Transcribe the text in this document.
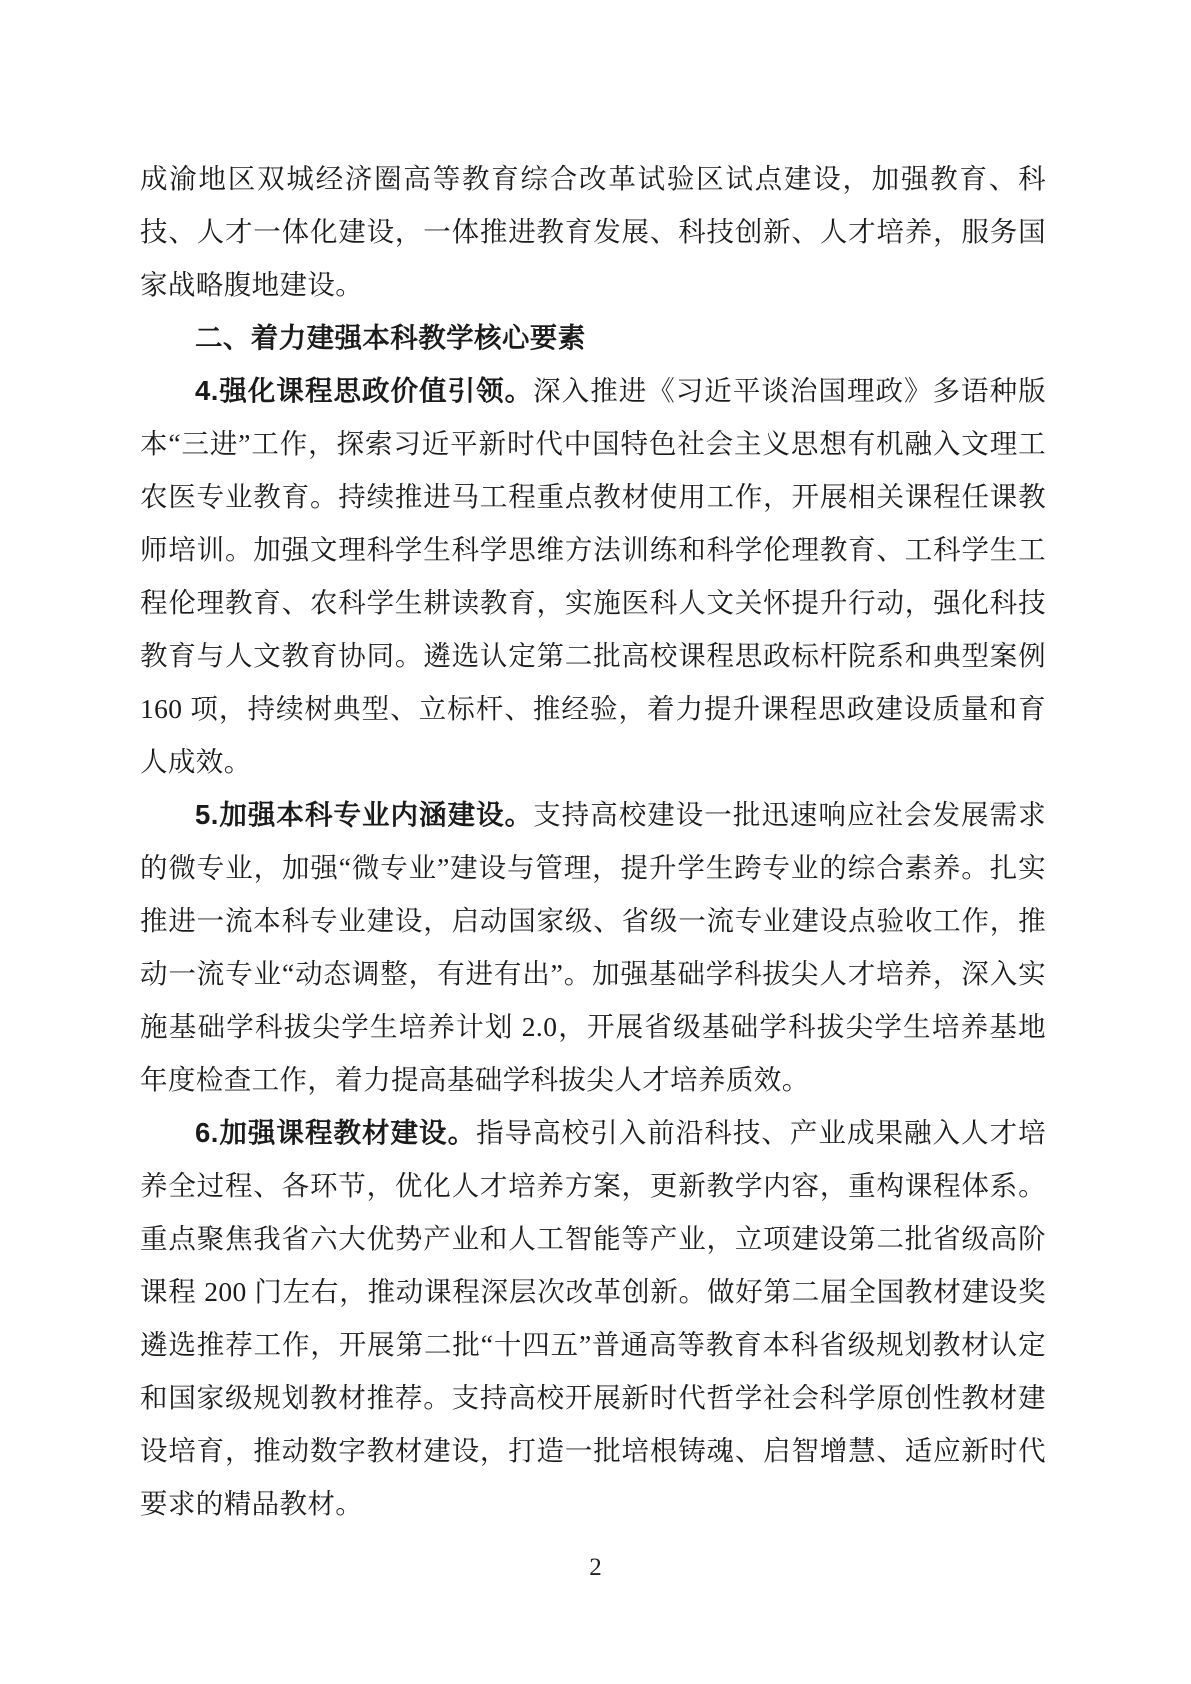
成渝地区双城经济圈高等教育综合改革试验区试点建设，加强教育、科技、人才一体化建设，一体推进教育发展、科技创新、人才培养，服务国家战略腹地建设。

二、着力建强本科教学核心要素

4.强化课程思政价值引领。深入推进《习近平谈治国理政》多语种版本“三进”工作，探索习近平新时代中国特色社会主义思想有机融入文理工农医专业教育。持续推进马工程重点教材使用工作，开展相关课程任课教师培训。加强文理科学生科学思维方法训练和科学伦理教育、工科学生工程伦理教育、农科学生耕读教育，实施医科人文关怀提升行动，强化科技教育与人文教育协同。遴选认定第二批高校课程思政标杆院系和典型案例 160 项，持续树典型、立标杆、推经验，着力提升课程思政建设质量和育人成效。

5.加强本科专业内涵建设。支持高校建设一批迅速响应社会发展需求的微专业，加强“微专业”建设与管理，提升学生跨专业的综合素养。扎实推进一流本科专业建设，启动国家级、省级一流专业建设点验收工作，推动一流专业“动态调整，有进有出”。加强基础学科拔尖人才培养，深入实施基础学科拔尖学生培养计划 2.0，开展省级基础学科拔尖学生培养基地年度检查工作，着力提高基础学科拔尖人才培养质效。

6.加强课程教材建设。指导高校引入前沿科技、产业成果融入人才培养全过程、各环节，优化人才培养方案，更新教学内容，重构课程体系。重点聚焦我省六大优势产业和人工智能等产业，立项建设第二批省级高阶课程 200 门左右，推动课程深层次改革创新。做好第二届全国教材建设奖遴选推荐工作，开展第二批“十四五”普通高等教育本科省级规划教材认定和国家级规划教材推荐。支持高校开展新时代哲学社会科学原创性教材建设培育，推动数字教材建设，打造一批培根铸魂、启智增慧、适应新时代要求的精品教材。

2
